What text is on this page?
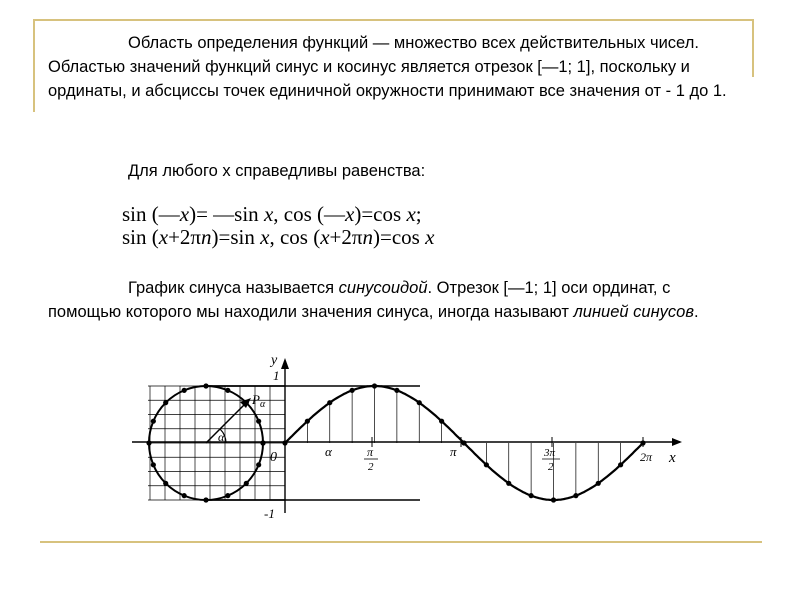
Область определения функций — множество всех действительных чисел. Областью значений функций синус и косинус является отрезок [—1; 1], поскольку и ординаты, и абсциссы точек единичной окружности принимают все значения от - 1 до 1.

Для любого х справедливы равенства:

sin (—x)= —sin x, cos (—x)=cos x;
sin (x+2πn)=sin x, cos (x+2πn)=cos x

График синуса называется синусоидой. Отрезок [—1; 1] оси ординат, с помощью которого мы находили значения синуса, иногда называют линией синусов.

y
x
1
-1
0
$P_\alpha$
α
α	π
2
π	3π
2
2π
